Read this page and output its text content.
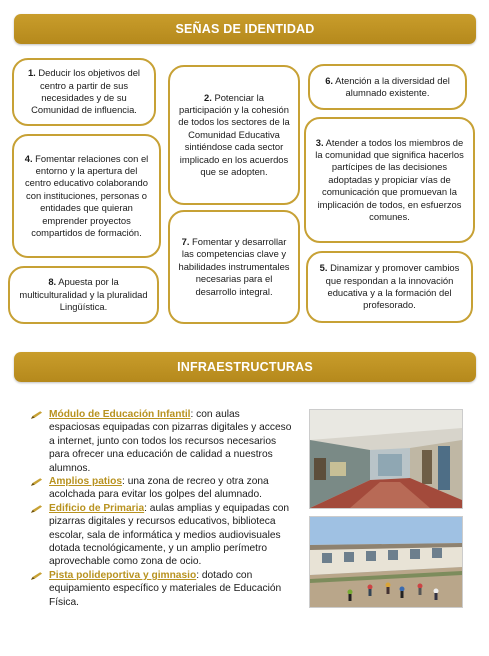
SEÑAS DE IDENTIDAD
1. Deducir los objetivos del centro a partir de sus necesidades y de su Comunidad de influencia.
2. Potenciar la participación y la cohesión de todos los sectores de la Comunidad Educativa sintiéndose cada sector implicado en los acuerdos que se adopten.
6. Atención a la diversidad del alumnado existente.
4. Fomentar relaciones con el entorno y la apertura del centro educativo colaborando con instituciones, personas o entidades que quieran emprender proyectos compartidos de formación.
3. Atender a todos los miembros de la comunidad que significa hacerlos partícipes de las decisiones adoptadas y propiciar vías de comunicación que promuevan la implicación de todos, en esfuerzos comunes.
7. Fomentar y desarrollar las competencias clave y habilidades instrumentales necesarias para el desarrollo integral.
8. Apuesta por la multiculturalidad y la pluralidad Lingüística.
5. Dinamizar y promover cambios que respondan a la innovación educativa y a la formación del profesorado.
INFRAESTRUCTURAS

Módulo de Educación Infantil: con aulas espaciosas equipadas con pizarras digitales y acceso a internet, junto con todos los recursos necesarios para ofrecer una educación de calidad a nuestros alumnos.

Amplios patios: una zona de recreo y otra zona acolchada para evitar los golpes del alumnado.

Edificio de Primaria: aulas amplias y equipadas con pizarras digitales y recursos educativos, biblioteca escolar, sala de informática y medios audiovisuales dotada tecnológicamente, y un amplio perímetro aprovechable como zona de ocio.

Pista polideportiva y gimnasio: dotado con equipamiento específico y materiales de Educación Física.
